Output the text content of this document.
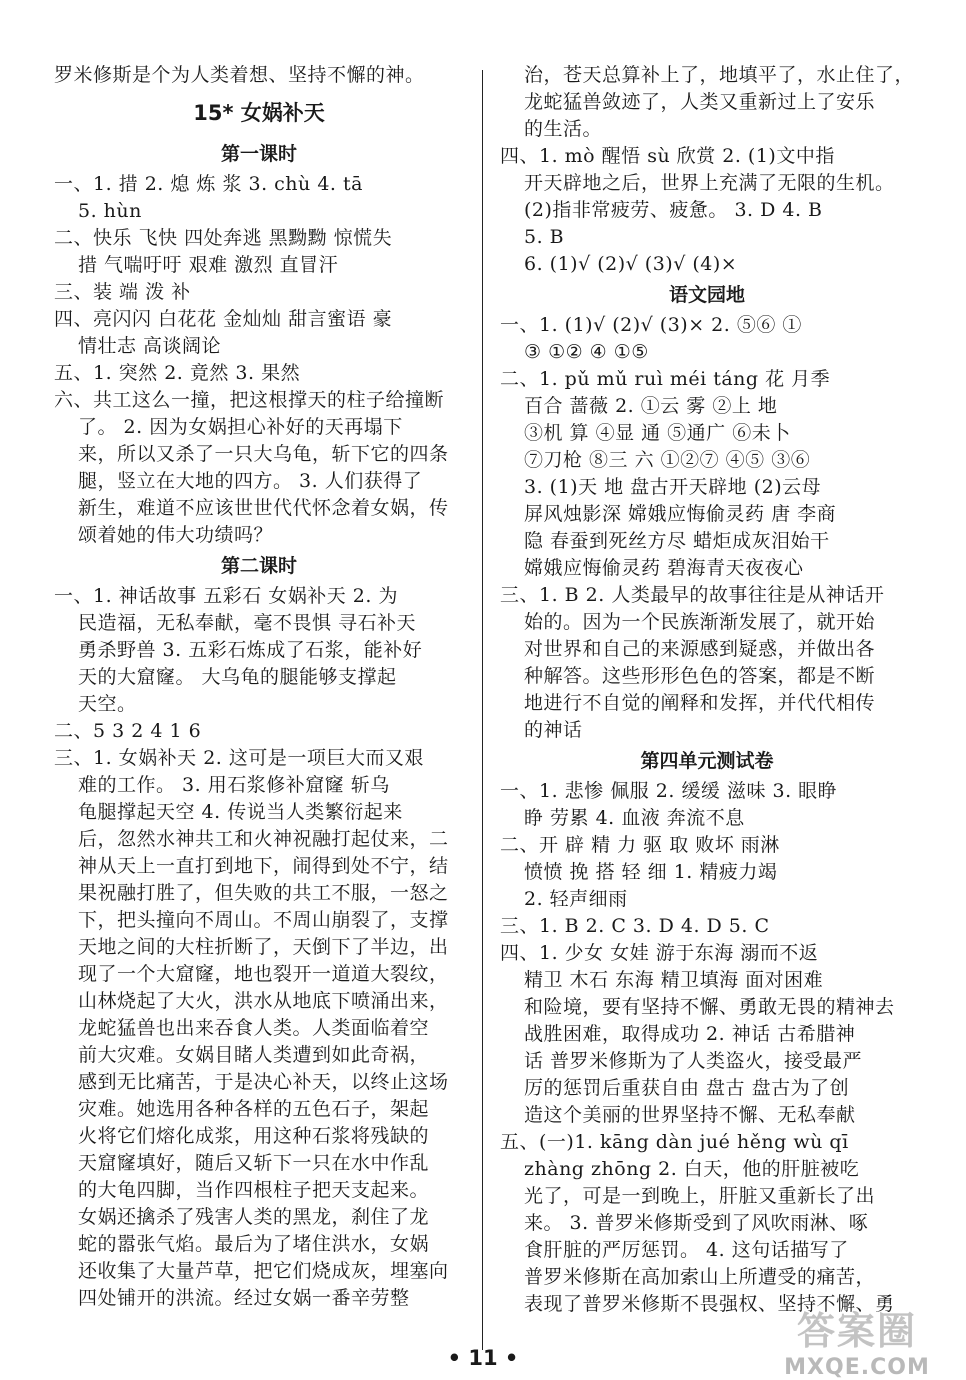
罗米修斯是个为人类着想、坚持不懈的神。
15* 女娲补天
第一课时
一、1. 措 2. 熄 炼 浆 3. chù 4. tā
5. hùn
二、快乐 飞快 四处奔逃 黑黝黝 惊慌失
措 气喘吁吁 艰难 激烈 直冒汗
三、装 端 泼 补
四、亮闪闪 白花花 金灿灿 甜言蜜语 豪
情壮志 高谈阔论
五、1. 突然 2. 竟然 3. 果然
六、共工这么一撞，把这根撑天的柱子给撞断
了。 2. 因为女娲担心补好的天再塌下
来，所以又杀了一只大乌龟，斩下它的四条
腿，竖立在大地的四方。 3. 人们获得了
新生，难道不应该世世代代怀念着女娲，传
颂着她的伟大功绩吗？
第二课时
一、1. 神话故事 五彩石 女娲补天 2. 为
民造福，无私奉献，毫不畏惧 寻石补天
勇杀野兽 3. 五彩石炼成了石浆，能补好
天的大窟窿。 大乌龟的腿能够支撑起
天空。
二、5 3 2 4 1 6
三、1. 女娲补天 2. 这可是一项巨大而又艰
难的工作。 3. 用石浆修补窟窿 斩乌
龟腿撑起天空 4. 传说当人类繁衍起来
后，忽然水神共工和火神祝融打起仗来，二
神从天上一直打到地下，闹得到处不宁，结
果祝融打胜了，但失败的共工不服，一怒之
下，把头撞向不周山。不周山崩裂了，支撑
天地之间的大柱折断了，天倒下了半边，出
现了一个大窟窿，地也裂开一道道大裂纹，
山林烧起了大火，洪水从地底下喷涌出来，
龙蛇猛兽也出来吞食人类。人类面临着空
前大灾难。女娲目睹人类遭到如此奇祸，
感到无比痛苦，于是决心补天，以终止这场
灾难。她选用各种各样的五色石子，架起
火将它们熔化成浆，用这种石浆将残缺的
天窟窿填好，随后又斩下一只在水中作乱
的大龟四脚，当作四根柱子把天支起来。
女娲还擒杀了残害人类的黑龙，刹住了龙
蛇的嚣张气焰。最后为了堵住洪水，女娲
还收集了大量芦草，把它们烧成灰，埋塞向
四处铺开的洪流。经过女娲一番辛劳整
治，苍天总算补上了，地填平了，水止住了，
龙蛇猛兽敛迹了，人类又重新过上了安乐
的生活。
四、1. mò 醒悟 sù 欣赏 2. (1)文中指
开天辟地之后，世界上充满了无限的生机。
(2)指非常疲劳、疲惫。 3. D 4. B
5. B
6. (1)√ (2)√ (3)√ (4)×
语文园地
一、1. (1)√ (2)√ (3)× 2. ⑤⑥ ①
③ ①② ④ ①⑤
二、1. pǔ mǔ ruì méi táng 花 月季
百合 蔷薇 2. ①云 雾 ②上 地
③机 算 ④显 通 ⑤通广 ⑥未卜
⑦刀枪 ⑧三 六 ①②⑦ ④⑤ ③⑥
3. (1)天 地 盘古开天辟地 (2)云母
屏风烛影深 嫦娥应悔偷灵药 唐 李商
隐 春蚕到死丝方尽 蜡炬成灰泪始干
嫦娥应悔偷灵药 碧海青天夜夜心
三、1. B 2. 人类最早的故事往往是从神话开
始的。因为一个民族渐渐发展了，就开始
对世界和自己的来源感到疑惑，并做出各
种解答。这些形形色色的答案，都是不断
地进行不自觉的阐释和发挥，并代代相传
的神话
第四单元测试卷
一、1. 悲惨 佩服 2. 缓缓 滋味 3. 眼睁
睁 劳累 4. 血液 奔流不息
二、开 辟 精 力 驱 取 败坏 雨淋
愤愤 挽 搭 轻 细 1. 精疲力竭
2. 轻声细雨
三、1. B 2. C 3. D 4. D 5. C
四、1. 少女 女娃 游于东海 溺而不返
精卫 木石 东海 精卫填海 面对困难
和险境，要有坚持不懈、勇敢无畏的精神去
战胜困难，取得成功 2. 神话 古希腊神
话 普罗米修斯为了人类盗火，接受最严
厉的惩罚后重获自由 盘古 盘古为了创
造这个美丽的世界坚持不懈、无私奉献
五、(一)1. kāng dàn jué hěng wù qī
zhàng zhōng 2. 白天，他的肝脏被吃
光了，可是一到晚上，肝脏又重新长了出
来。 3. 普罗米修斯受到了风吹雨淋、啄
食肝脏的严厉惩罚。 4. 这句话描写了
普罗米修斯在高加索山上所遭受的痛苦，
表现了普罗米修斯不畏强权、坚持不懈、勇
• 11 •
答案圈
MXQE.COM
